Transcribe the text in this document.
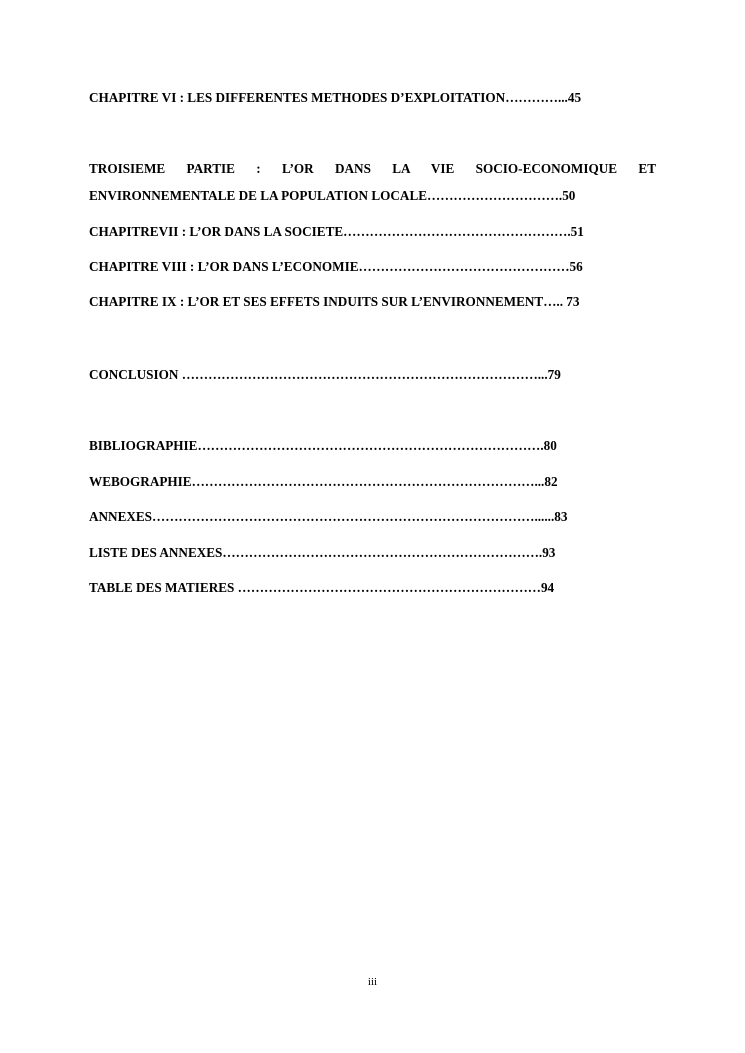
CHAPITRE VI : LES DIFFERENTES METHODES D’EXPLOITATION…………...45
TROISIEME PARTIE : L’OR DANS LA VIE SOCIO-ECONOMIQUE ET
ENVIRONNEMENTALE DE LA POPULATION LOCALE………………………….50
CHAPITREVII : L’OR DANS LA SOCIETE…………………………………………….51
CHAPITRE VIII : L’OR DANS L’ECONOMIE…………………………………………56
CHAPITRE IX : L’OR ET SES EFFETS INDUITS SUR L’ENVIRONNEMENT….. 73
CONCLUSION ………………………………………………………………………...79
BIBLIOGRAPHIE…………………………………………………………………….80
WEBOGRAPHIE……………………………………………………………………...82
ANNEXES……………………………………………………………………………......83
LISTE DES ANNEXES……………………………………………………………….93
TABLE DES MATIERES ……………………………………………………………94
iii
